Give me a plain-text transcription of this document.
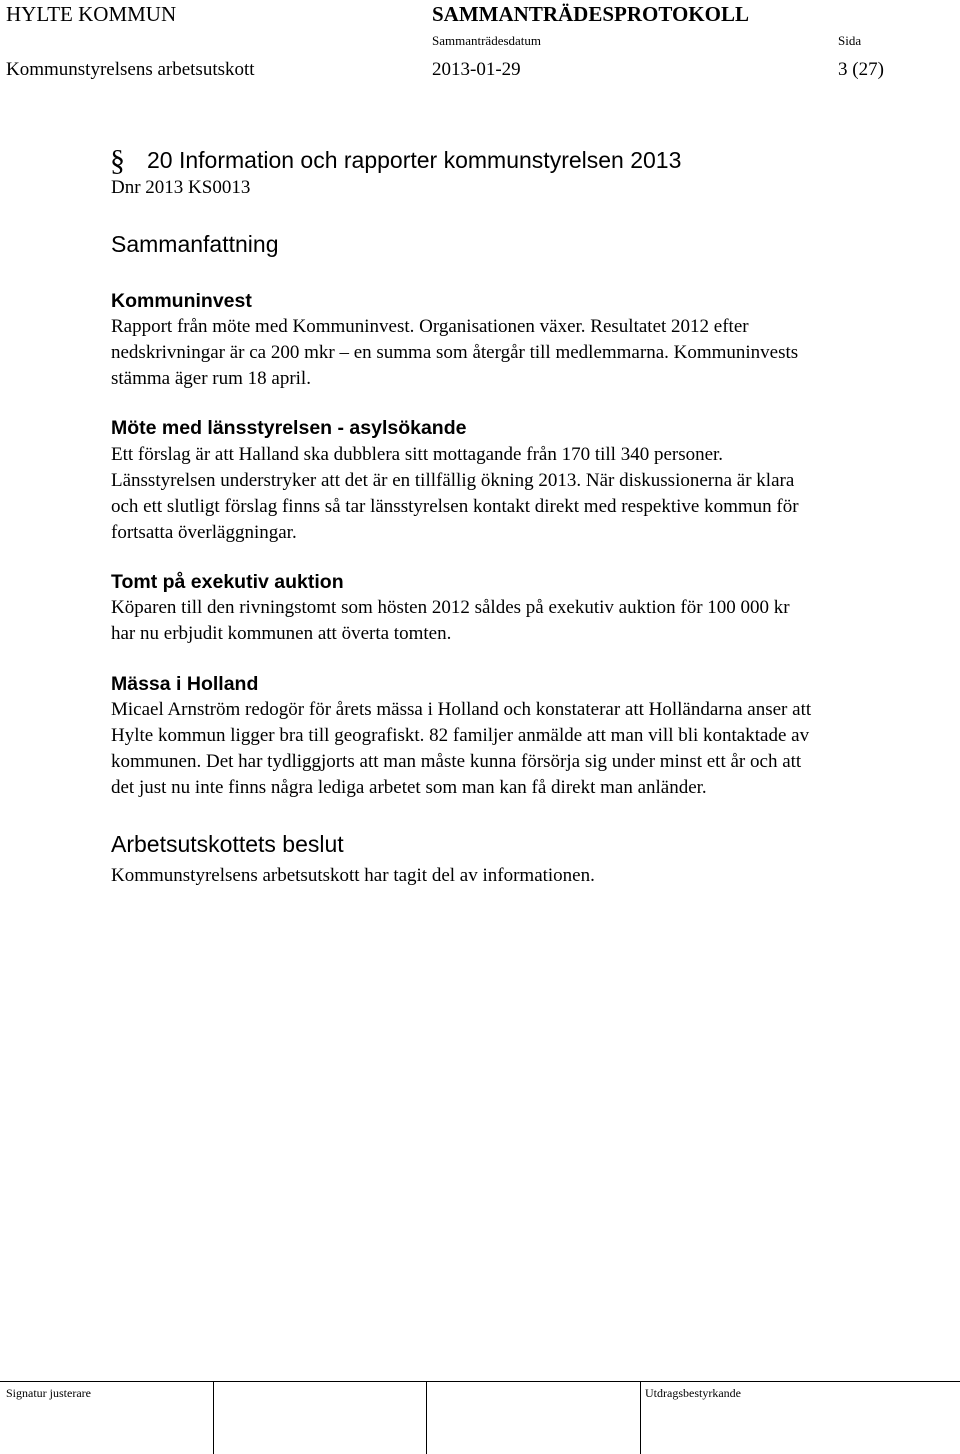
HYLTE KOMMUN	SAMMANTRÄDESPROTOKOLL
Sammanträdesdatum	Sida
Kommunstyrelsens arbetsutskott	2013-01-29	3 (27)
§ 20 Information och rapporter kommunstyrelsen 2013
Dnr 2013 KS0013
Sammanfattning
Kommuninvest
Rapport från möte med Kommuninvest. Organisationen växer. Resultatet 2012 efter
nedskrivningar är ca 200 mkr – en summa som återgår till medlemmarna. Kommuninvests
stämma äger rum 18 april.
Möte med länsstyrelsen - asylsökande
Ett förslag är att Halland ska dubblera sitt mottagande från 170 till 340 personer.
Länsstyrelsen understryker att det är en tillfällig ökning 2013. När diskussionerna är klara
och ett slutligt förslag finns så tar länsstyrelsen kontakt direkt med respektive kommun för
fortsatta överläggningar.
Tomt på exekutiv auktion
Köparen till den rivningstomt som hösten 2012 såldes på exekutiv auktion för 100 000 kr
har nu erbjudit kommunen att överta tomten.
Mässa i Holland
Micael Arnström redogör för årets mässa i Holland och konstaterar att Holländarna anser att
Hylte kommun ligger bra till geografiskt. 82 familjer anmälde att man vill bli kontaktade av
kommunen. Det har tydliggjorts att man måste kunna försörja sig under minst ett år och att
det just nu inte finns några lediga arbetet som man kan få direkt man anländer.
Arbetsutskottets beslut
Kommunstyrelsens arbetsutskott har tagit del av informationen.
Signatur justerare	Utdragsbestyrkande
